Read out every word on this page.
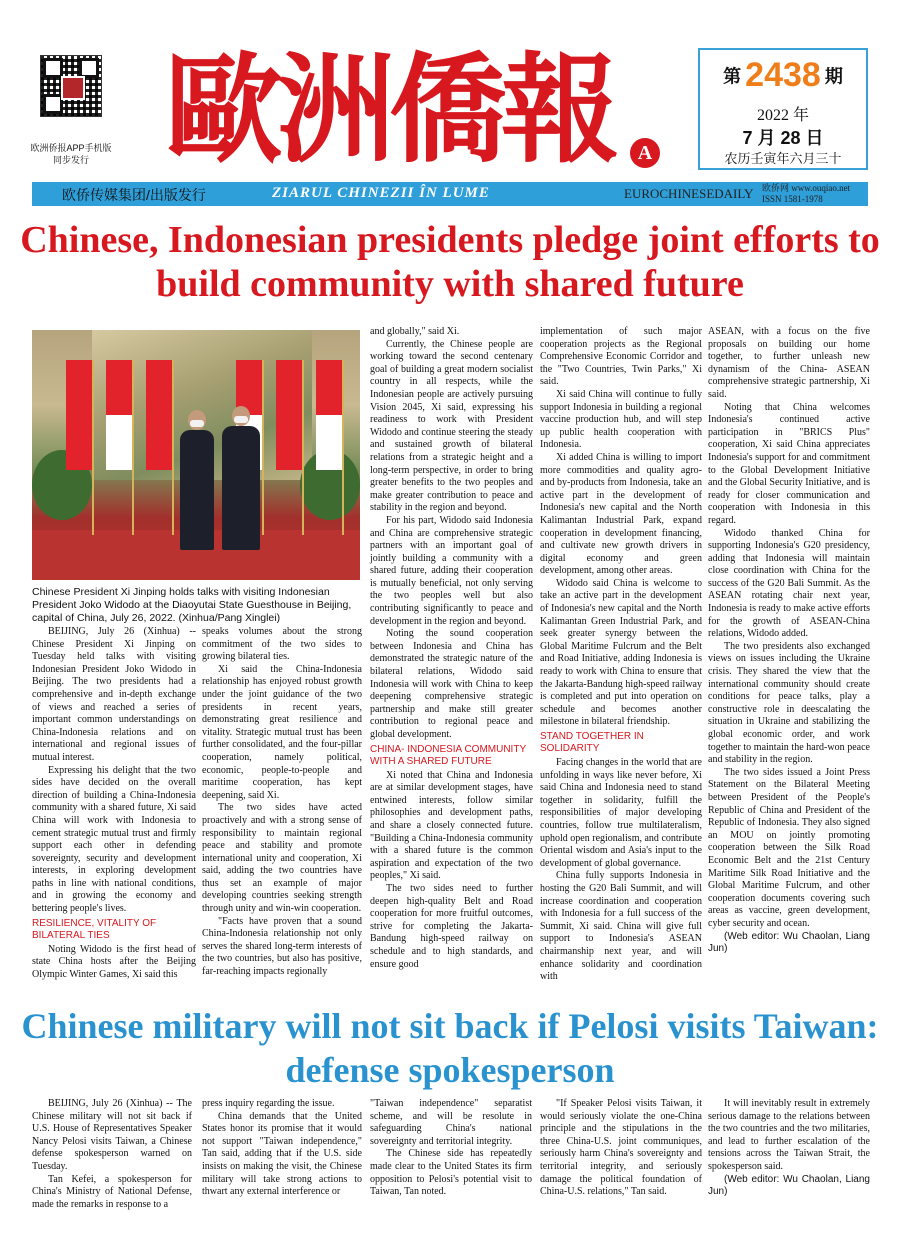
欧洲侨报APP手机版 同步发行 歐洲僑報	A
第 2438 期
2022 年
7 月 28 日
农历壬寅年六月三十
欧侨传媒集团/出版发行	ZIARUL CHINEZII ÎN LUME	EUROCHINESEDAILY 欧侨网 www.ouqiao.net
ISSN 1581-1978
Chinese, Indonesian presidents pledge joint efforts to build community with shared future
Chinese President Xi Jinping holds talks with visiting Indonesian President Joko Widodo at the Diaoyutai State Guesthouse in Beijing, capital of China, July 26, 2022. (Xinhua/Pang Xinglei)

BEIJING, July 26 (Xinhua) -- Chinese President Xi Jinping on Tuesday held talks with visiting Indonesian President Joko Widodo in Beijing. The two presidents had a comprehensive and in-depth exchange of views and reached a series of important common understandings on China-Indonesia relations and on international and regional issues of mutual interest.

Expressing his delight that the two sides have decided on the overall direction of building a China-Indonesia community with a shared future, Xi said China will work with Indonesia to cement strategic mutual trust and firmly support each other in defending sovereignty, security and development interests, in exploring development paths in line with national conditions, and in growing the economy and bettering people's lives.

RESILIENCE, VITALITY OF BILATERAL TIES

Noting Widodo is the first head of state China hosts after the Beijing Olympic Winter Games, Xi said this

speaks volumes about the strong commitment of the two sides to growing bilateral ties.

Xi said the China-Indonesia relationship has enjoyed robust growth under the joint guidance of the two presidents in recent years, demonstrating great resilience and vitality. Strategic mutual trust has been further consolidated, and the four-pillar cooperation, namely political, economic, people-to-people and maritime cooperation, has kept deepening, said Xi.

The two sides have acted proactively and with a strong sense of responsibility to maintain regional peace and stability and promote international unity and cooperation, Xi said, adding the two countries have thus set an example of major developing countries seeking strength through unity and win-win cooperation.

"Facts have proven that a sound China-Indonesia relationship not only serves the shared long-term interests of the two countries, but also has positive, far-reaching impacts regionally

and globally," said Xi.

Currently, the Chinese people are working toward the second centenary goal of building a great modern socialist country in all respects, while the Indonesian people are actively pursuing Vision 2045, Xi said, expressing his readiness to work with President Widodo and continue steering the steady and sustained growth of bilateral relations from a strategic height and a long-term perspective, in order to bring greater benefits to the two peoples and make greater contribution to peace and stability in the region and beyond.

For his part, Widodo said Indonesia and China are comprehensive strategic partners with an important goal of jointly building a community with a shared future, adding their cooperation is mutually beneficial, not only serving the two peoples well but also contributing significantly to peace and development in the region and beyond.

Noting the sound cooperation between Indonesia and China has demonstrated the strategic nature of the bilateral relations, Widodo said Indonesia will work with China to keep deepening comprehensive strategic partnership and make still greater contribution to regional peace and global development.

CHINA- INDONESIA COMMUNITY WITH A SHARED FUTURE

Xi noted that China and Indonesia are at similar development stages, have entwined interests, follow similar philosophies and development paths, and share a closely connected future. "Building a China-Indonesia community with a shared future is the common aspiration and expectation of the two peoples," Xi said.

The two sides need to further deepen high-quality Belt and Road cooperation for more fruitful outcomes, strive for completing the Jakarta-Bandung high-speed railway on schedule and to high standards, and ensure good

implementation of such major cooperation projects as the Regional Comprehensive Economic Corridor and the "Two Countries, Twin Parks," Xi said.

Xi said China will continue to fully support Indonesia in building a regional vaccine production hub, and will step up public health cooperation with Indonesia.

Xi added China is willing to import more commodities and quality agro- and by-products from Indonesia, take an active part in the development of Indonesia's new capital and the North Kalimantan Industrial Park, expand cooperation in development financing, and cultivate new growth drivers in digital economy and green development, among other areas.

Widodo said China is welcome to take an active part in the development of Indonesia's new capital and the North Kalimantan Green Industrial Park, and seek greater synergy between the Global Maritime Fulcrum and the Belt and Road Initiative, adding Indonesia is ready to work with China to ensure that the Jakarta-Bandung high-speed railway is completed and put into operation on schedule and becomes another milestone in bilateral friendship.

STAND TOGETHER IN SOLIDARITY

Facing changes in the world that are unfolding in ways like never before, Xi said China and Indonesia need to stand together in solidarity, fulfill the responsibilities of major developing countries, follow true multilateralism, uphold open regionalism, and contribute Oriental wisdom and Asia's input to the development of global governance.

China fully supports Indonesia in hosting the G20 Bali Summit, and will increase coordination and cooperation with Indonesia for a full success of the Summit, Xi said. China will give full support to Indonesia's ASEAN chairmanship next year, and will enhance solidarity and coordination with

ASEAN, with a focus on the five proposals on building our home together, to further unleash new dynamism of the China- ASEAN comprehensive strategic partnership, Xi said.

Noting that China welcomes Indonesia's continued active participation in "BRICS Plus" cooperation, Xi said China appreciates Indonesia's support for and commitment to the Global Development Initiative and the Global Security Initiative, and is ready for closer communication and cooperation with Indonesia in this regard.

Widodo thanked China for supporting Indonesia's G20 presidency, adding that Indonesia will maintain close coordination with China for the success of the G20 Bali Summit. As the ASEAN rotating chair next year, Indonesia is ready to make active efforts for the growth of ASEAN-China relations, Widodo added.

The two presidents also exchanged views on issues including the Ukraine crisis. They shared the view that the international community should create conditions for peace talks, play a constructive role in deescalating the situation in Ukraine and stabilizing the global economic order, and work together to maintain the hard-won peace and stability in the region.

The two sides issued a Joint Press Statement on the Bilateral Meeting between President of the People's Republic of China and President of the Republic of Indonesia. They also signed an MOU on jointly promoting cooperation between the Silk Road Economic Belt and the 21st Century Maritime Silk Road Initiative and the Global Maritime Fulcrum, and other cooperation documents covering such areas as vaccine, green development, cyber security and ocean.

(Web editor: Wu Chaolan, Liang Jun)

Chinese military will not sit back if Pelosi visits Taiwan: defense spokesperson

BEIJING, July 26 (Xinhua) -- The Chinese military will not sit back if U.S. House of Representatives Speaker Nancy Pelosi visits Taiwan, a Chinese defense spokesperson warned on Tuesday.

Tan Kefei, a spokesperson for China's Ministry of National Defense, made the remarks in response to a

press inquiry regarding the issue.

China demands that the United States honor its promise that it would not support "Taiwan independence," Tan said, adding that if the U.S. side insists on making the visit, the Chinese military will take strong actions to thwart any external interference or

"Taiwan independence" separatist scheme, and will be resolute in safeguarding China's national sovereignty and territorial integrity.

The Chinese side has repeatedly made clear to the United States its firm opposition to Pelosi's potential visit to Taiwan, Tan noted.

"If Speaker Pelosi visits Taiwan, it would seriously violate the one-China principle and the stipulations in the three China-U.S. joint communiques, seriously harm China's sovereignty and territorial integrity, and seriously damage the political foundation of China-U.S. relations," Tan said.

It will inevitably result in extremely serious damage to the relations between the two countries and the two militaries, and lead to further escalation of the tensions across the Taiwan Strait, the spokesperson said.

(Web editor: Wu Chaolan, Liang Jun)
